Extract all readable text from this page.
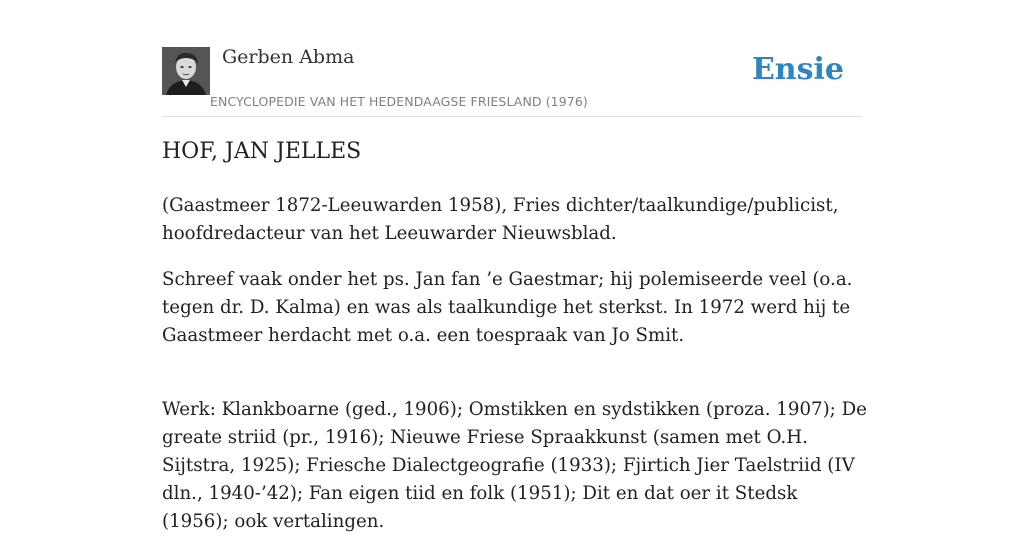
Gerben Abma
ENCYCLOPEDIE VAN HET HEDENDAAGSE FRIESLAND (1976)
Ensie
HOF, JAN JELLES

(Gaastmeer 1872-Leeuwarden 1958), Fries dichter/taalkundige/publicist, hoofdredacteur van het Leeuwarder Nieuwsblad.

Schreef vaak onder het ps. Jan fan ’e Gaestmar; hij polemiseerde veel (o.a. tegen dr. D. Kalma) en was als taalkundige het sterkst. In 1972 werd hij te Gaastmeer herdacht met o.a. een toespraak van Jo Smit.

Werk: Klankboarne (ged., 1906); Omstikken en sydstikken (proza. 1907); De greate striid (pr., 1916); Nieuwe Friese Spraakkunst (samen met O.H. Sijtstra, 1925); Friesche Dialectgeografie (1933); Fjirtich Jier Taelstriid (IV dln., 1940-’42); Fan eigen tiid en folk (1951); Dit en dat oer it Stedsk (1956); ook vertalingen.
